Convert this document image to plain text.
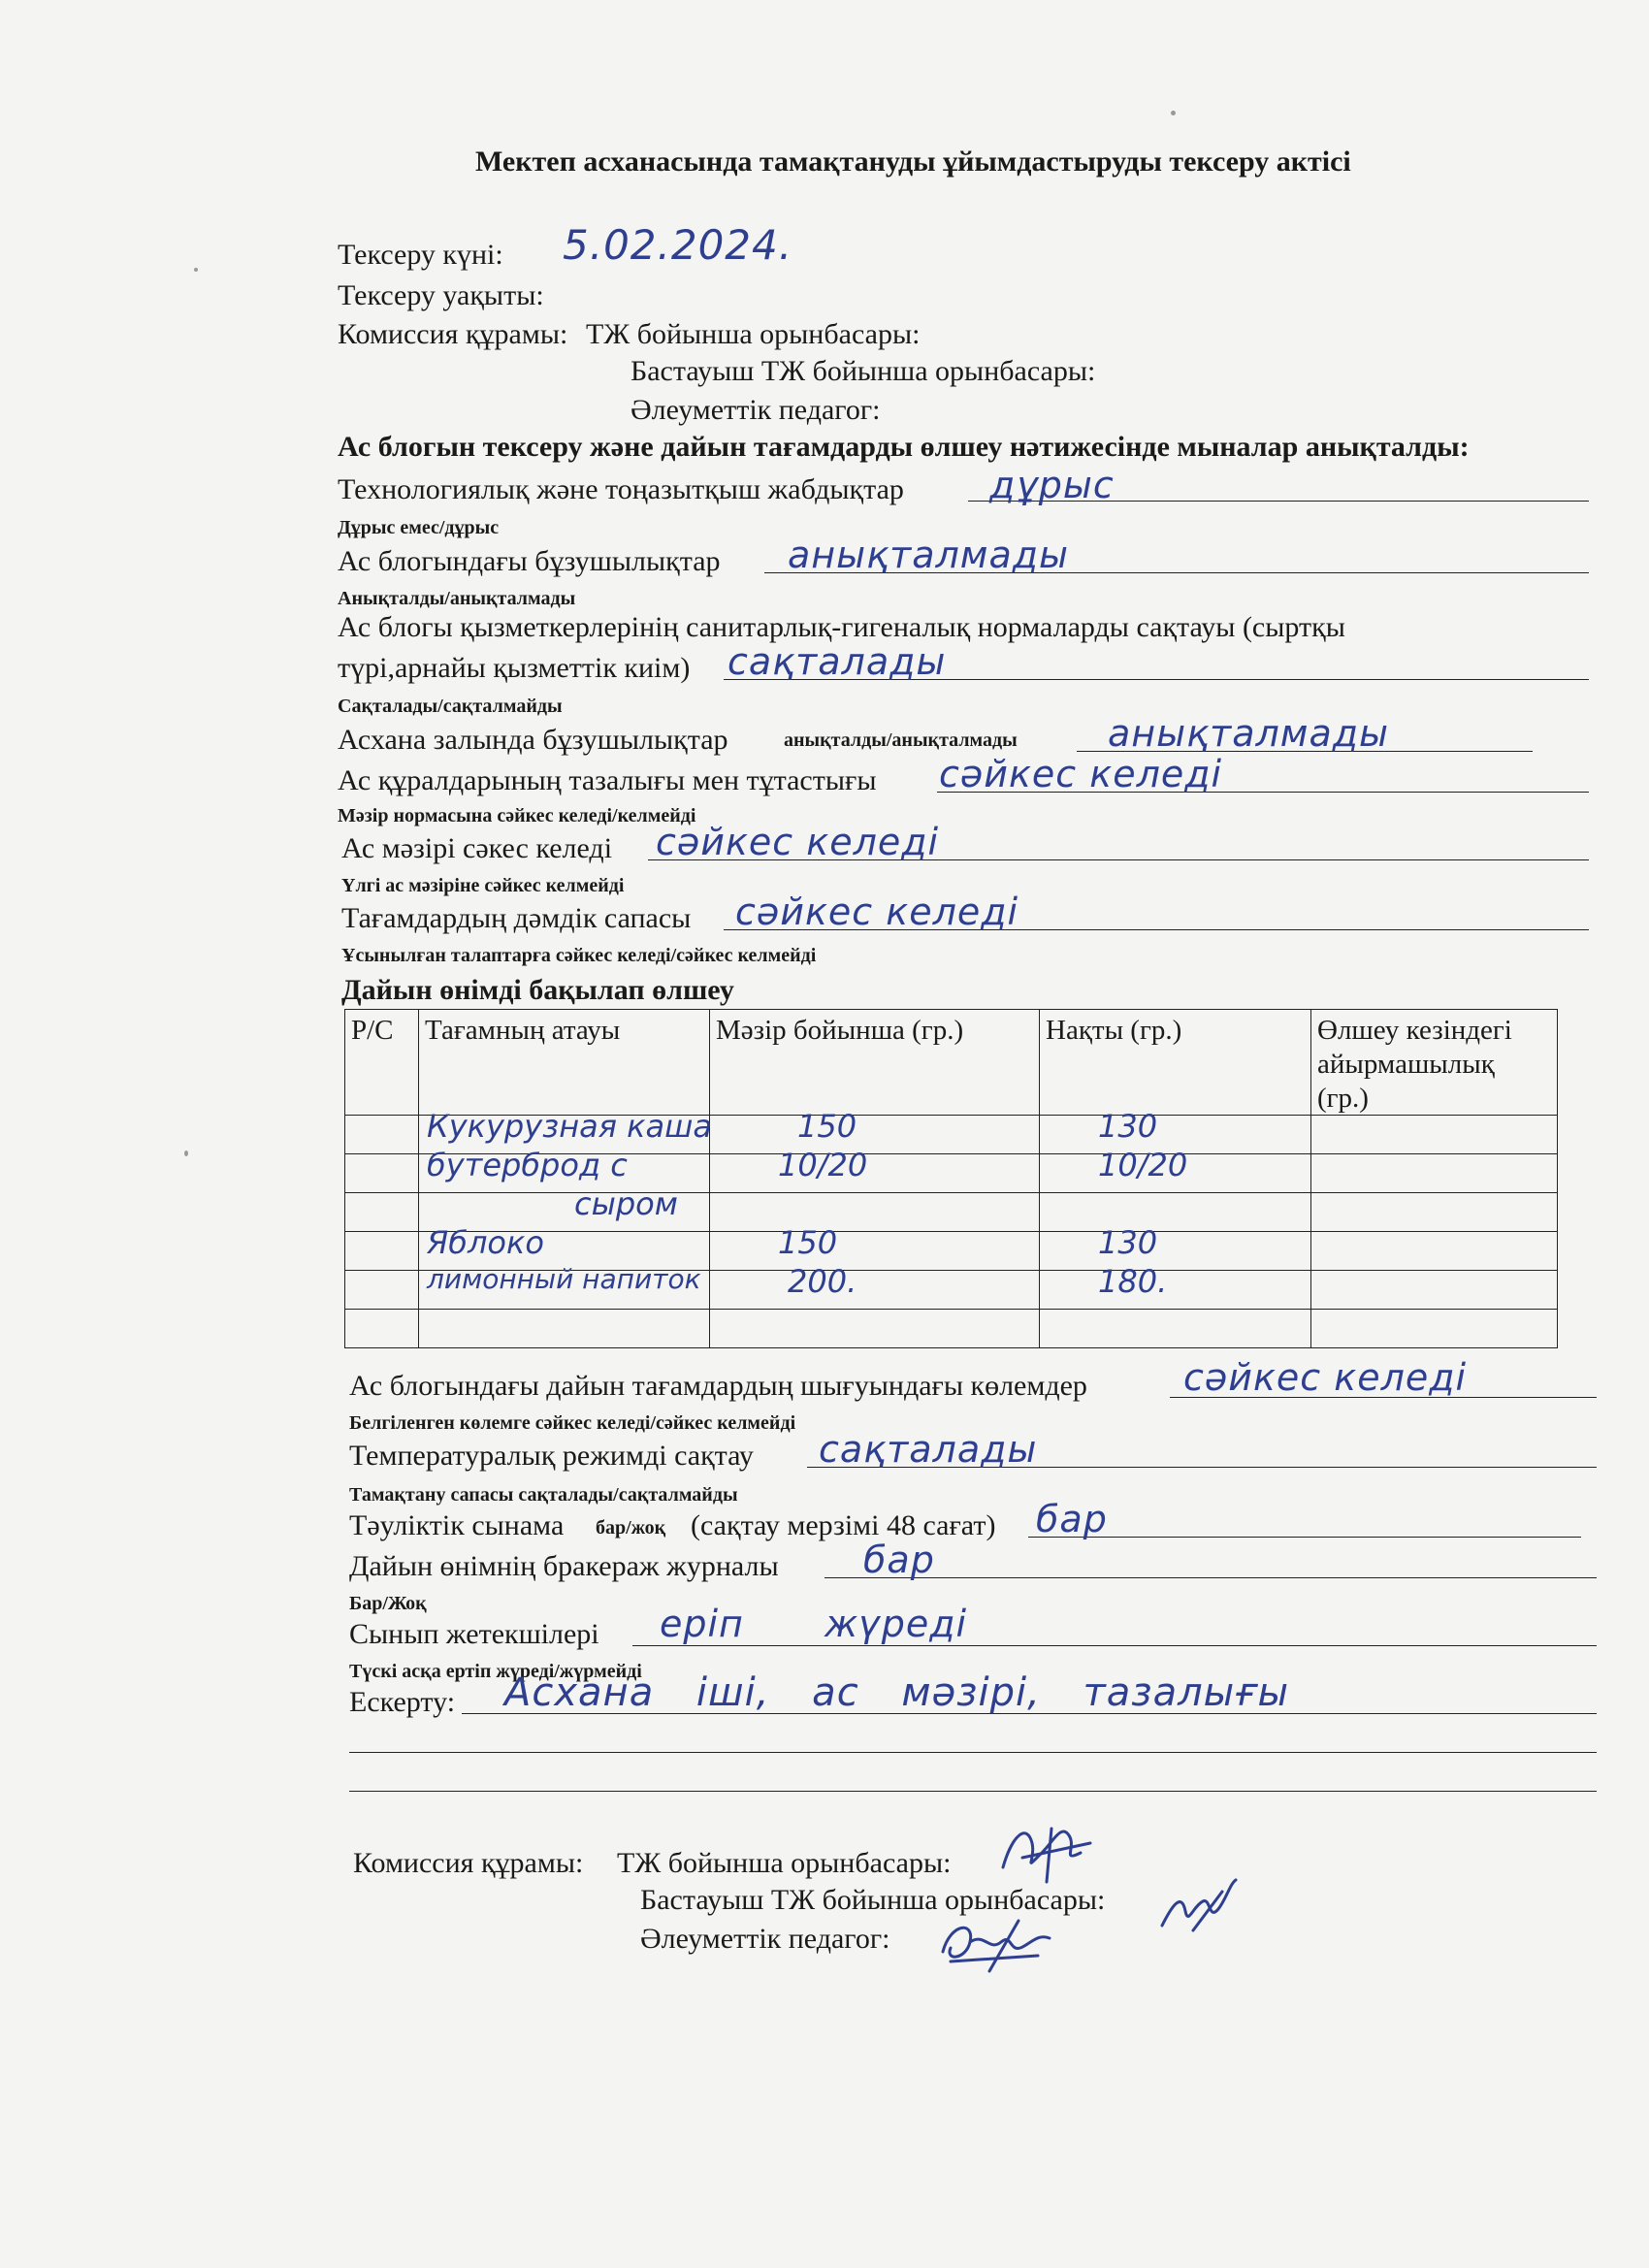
Мектеп асханасында тамақтануды ұйымдастыруды тексеру актісі
Тексеру күні: 5.02.2024.
Тексеру уақыты:
Комиссия құрамы: ТЖ бойынша орынбасары:
Бастауыш ТЖ бойынша орынбасары:
Әлеуметтік педагог:
Ас блогын тексеру және дайын тағамдарды өлшеу нәтижесінде мыналар анықталды:
Технологиялық және тоңазытқыш жабдықтар дұрыс
Дұрыс емес/дұрыс
Ас блогындағы бұзушылықтар анықталмады
Анықталды/анықталмады
Ас блогы қызметкерлерінің санитарлық-гигеналық нормаларды сақтауы (сыртқы
түрі,арнайы қызметтік киім) сақталады
Сақталады/сақталмайды
Асхана залында бұзушылықтар	анықталды/анықталмады анықталмады
Ас құралдарының тазалығы мен тұтастығы сәйкес келеді
Мәзір нормасына сәйкес келеді/келмейді
Ас мәзірі сәкес келеді сәйкес келеді
Үлгі ас мәзіріне сәйкес келмейді
Тағамдардың дәмдік сапасы сәйкес келеді
Ұсынылған талаптарға сәйкес келеді/сәйкес келмейді
Дайын өнімді бақылап өлшеу
Р/С	Тағамның атауы	Мәзір бойынша (гр.)	Нақты (гр.)	Өлшеу кезіндегі айырмашылық (гр.)

	Кукурузная каша	150	130	

	бутерброд с	10/20	10/20	

	сыром			

	Яблоко	150	130	

	лимонный напиток	200.	180.	

Ас блогындағы дайын тағамдардың шығуындағы көлемдер	сәйкес келеді
Белгіленген көлемге сәйкес келеді/сәйкес келмейді
Температуралық режимді сақтау сақталады
Тамақтану сапасы сақталады/сақталмайды
Тәуліктік сынама бар/жоқ (сақтау мерзімі 48 сағат) бар
Дайын өнімнің бракераж журналы бар
Бар/Жоқ
Сынып жетекшілері еріп жүреді
Түскі асқа ертіп жүреді/жүрмейді
Ескерту: Асхана іші, ас мәзірі, тазалығы
Комиссия құрамы: ТЖ бойынша орынбасары:
Бастауыш ТЖ бойынша орынбасары:
Әлеуметтік педагог:
